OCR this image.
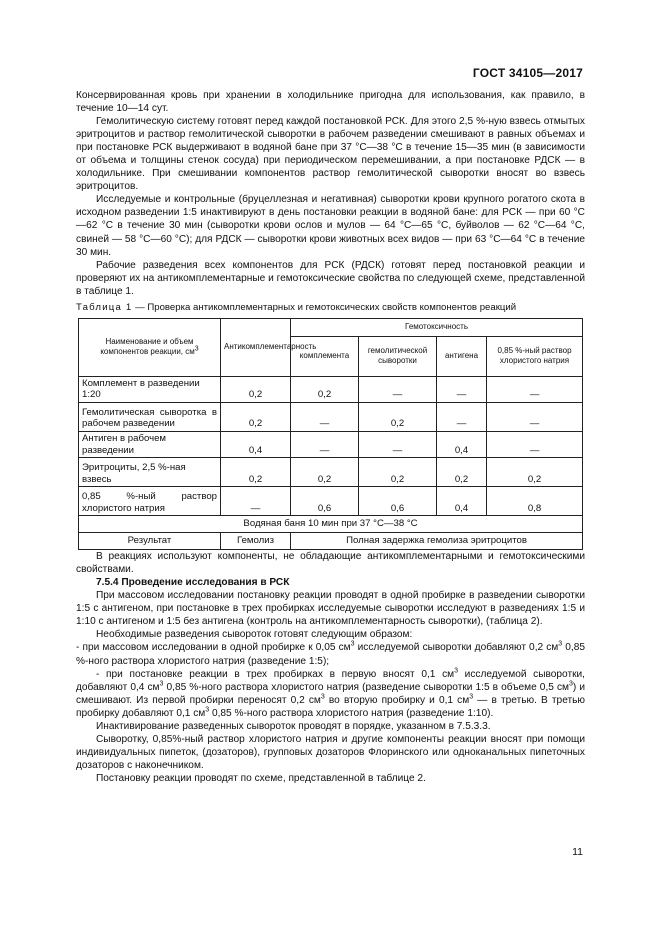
ГОСТ 34105—2017

Консервированная кровь при хранении в холодильнике пригодна для использования, как правило, в течение 10—14 сут.

Гемолитическую систему готовят перед каждой постановкой РСК. Для этого 2,5 %-ную взвесь отмытых эритроцитов и раствор гемолитической сыворотки в рабочем разведении смешивают в равных объемах и при постановке РСК выдерживают в водяной бане при 37 °С—38 °С в течение 15—35 мин (в зависимости от объема и толщины стенок сосуда) при периодическом перемешивании, а при постановке РДСК — в холодильнике. При смешивании компонентов раствор гемолитической сыворотки вносят во взвесь эритроцитов.

Исследуемые и контрольные (бруцеллезная и негативная) сыворотки крови крупного рогатого скота в исходном разведении 1:5 инактивируют в день постановки реакции в водяной бане: для РСК — при 60 °С—62 °С в течение 30 мин (сыворотки крови ослов и мулов — 64 °С—65 °С, буйволов — 62 °С—64 °С, свиней — 58 °С—60 °С); для РДСК — сыворотки крови животных всех видов — при 63 °С—64 °С в течение 30 мин.

Рабочие разведения всех компонентов для РСК (РДСК) готовят перед постановкой реакции и проверяют их на антикомплементарные и гемотоксические свойства по следующей схеме, представленной в таблице 1.

Таблица 1 — Проверка антикомплементарных и гемотоксических свойств компонентов реакций
Наименование и объем компонентов реакции, $см^3$	Антикомплементарность	Гемотоксичность			
		комплемента	гемолитической сыворотки	антигена	0,85 %-ный раствор хлористого натрия
Комплемент в разведении 1:20	0,2	0,2	—	—	—
Гемолитическая сыворотка в рабочем разведении	0,2	—	0,2	—	—
Антиген в рабочем разведении	0,4	—	—	0,4	—
Эритроциты, 2,5 %-ная взвесь	0,2	0,2	0,2	0,2	0,2
0,85 %-ный раствор хлористого натрия	—	0,6	0,6	0,4	0,8
Водяная баня 10 мин при 37 °С—38 °С					
Результат	Гемолиз	Полная задержка гемолиза эритроцитов			

В реакциях используют компоненты, не обладающие антикомплементарными и гемотоксическими свойствами.

7.5.4 Проведение исследования в РСК

При массовом исследовании постановку реакции проводят в одной пробирке в разведении сыворотки 1:5 с антигеном, при постановке в трех пробирках исследуемые сыворотки исследуют в разведениях 1:5 и 1:10 с антигеном и 1:5 без антигена (контроль на антикомплементарность сыворотки), (таблица 2).

Необходимые разведения сывороток готовят следующим образом:

- при массовом исследовании в одной пробирке к 0,05 $см^3$ исследуемой сыворотки добавляют 0,2 $см^3$ 0,85 %-ного раствора хлористого натрия (разведение 1:5);

- при постановке реакции в трех пробирках в первую вносят 0,1 $см^3$ исследуемой сыворотки, добавляют 0,4 $см^3$ 0,85 %-ного раствора хлористого натрия (разведение сыворотки 1:5 в объеме 0,5 $см^3$) и смешивают. Из первой пробирки переносят 0,2 $см^3$ во вторую пробирку и 0,1 $см^3$ — в третью. В третью пробирку добавляют 0,1 $см^3$ 0,85 %-ного раствора хлористого натрия (разведение 1:10).

Инактивирование разведенных сывороток проводят в порядке, указанном в 7.5.3.3.

Сыворотку, 0,85%-ный раствор хлористого натрия и другие компоненты реакции вносят при помощи индивидуальных пипеток, (дозаторов), групповых дозаторов Флоринского или одноканальных пипеточных дозаторов с наконечником.

Постановку реакции проводят по схеме, представленной в таблице 2.

11
